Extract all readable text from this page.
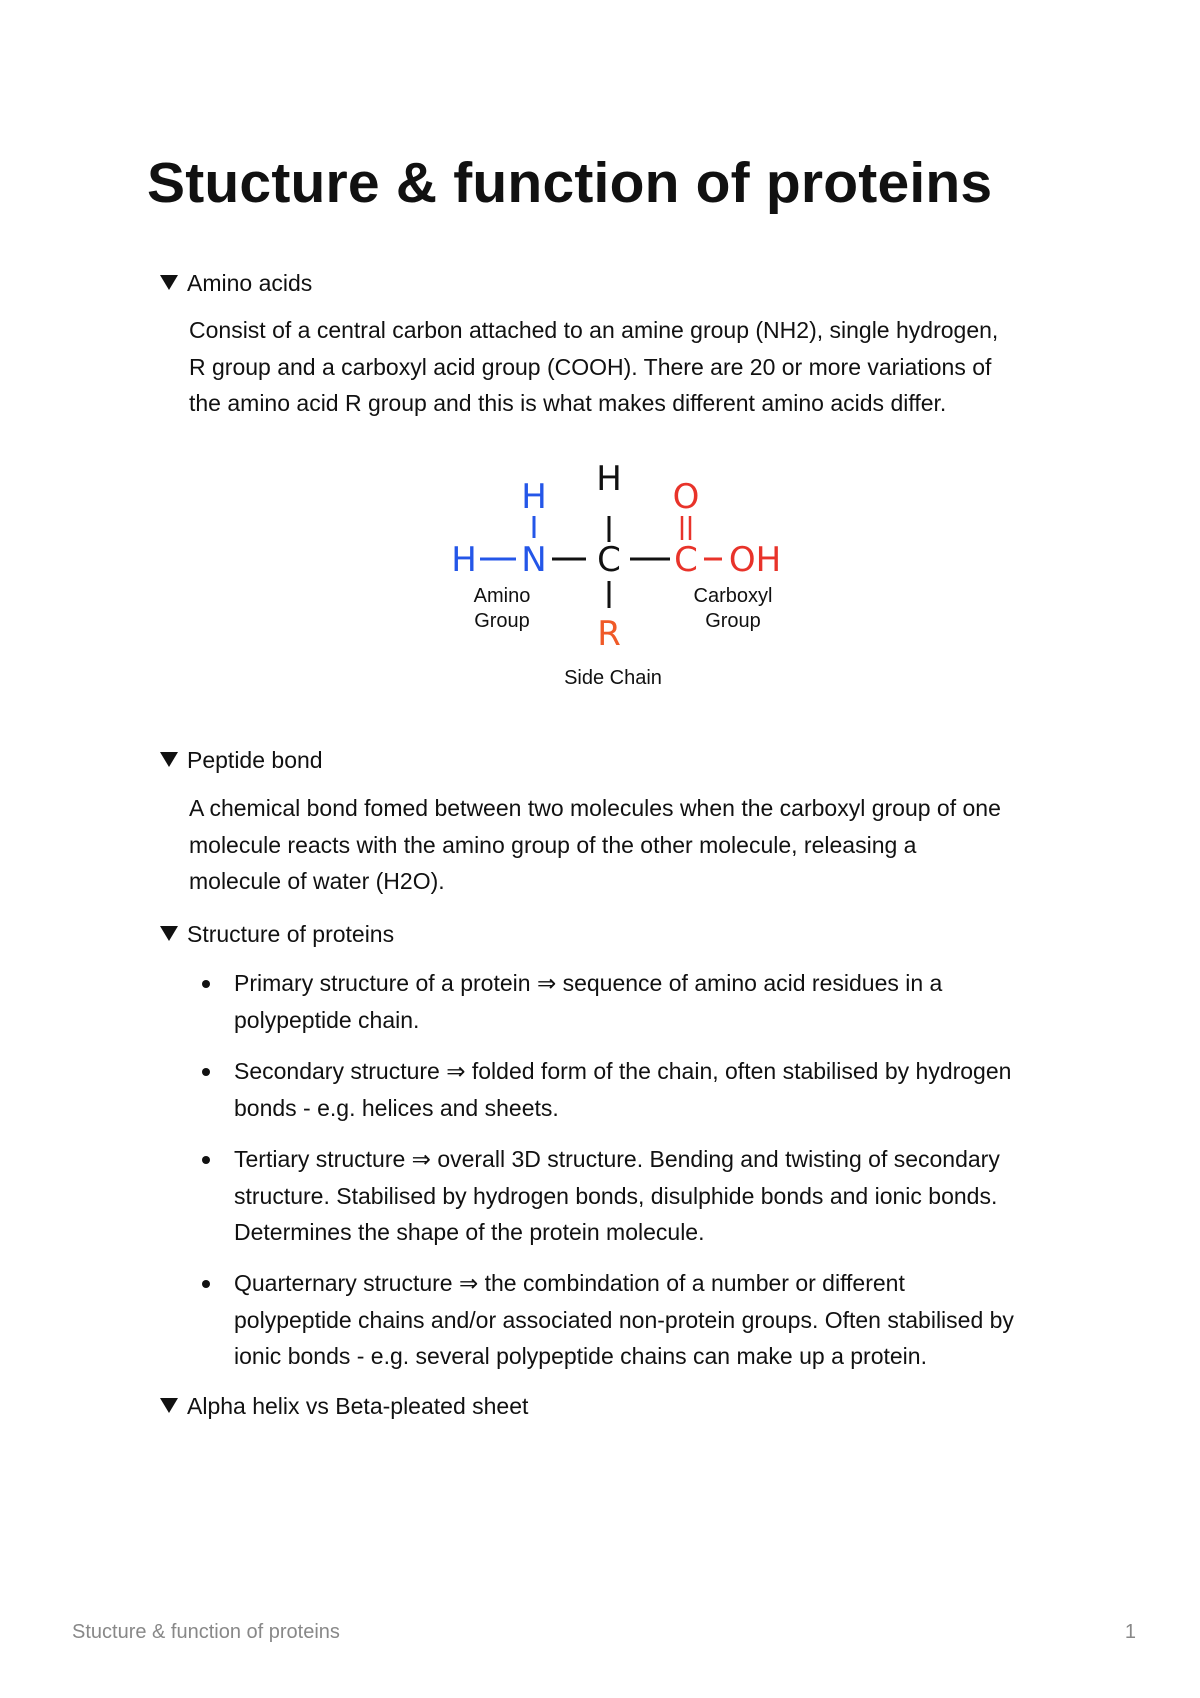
Stucture & function of proteins
Amino acids
Consist of a central carbon attached to an amine group (NH2), single hydrogen,
R group and a carboxyl acid group (COOH). There are 20 or more variations of
the amino acid R group and this is what makes different amino acids differ.
H
H N
H
C
R
O
C OH
Amino
Group
Carboxyl
Group
Side Chain
Peptide bond
A chemical bond fomed between two molecules when the carboxyl group of one
molecule reacts with the amino group of the other molecule, releasing a
molecule of water (H2O).
Structure of proteins
Primary structure of a protein ⇒ sequence of amino acid residues in a
polypeptide chain.
Secondary structure ⇒ folded form of the chain, often stabilised by hydrogen
bonds - e.g. helices and sheets.
Tertiary structure ⇒ overall 3D structure. Bending and twisting of secondary
structure. Stabilised by hydrogen bonds, disulphide bonds and ionic bonds.
Determines the shape of the protein molecule.
Quarternary structure ⇒ the combindation of a number or different
polypeptide chains and/or associated non-protein groups. Often stabilised by
ionic bonds - e.g. several polypeptide chains can make up a protein.
Alpha helix vs Beta-pleated sheet
Stucture & function of proteins	1
